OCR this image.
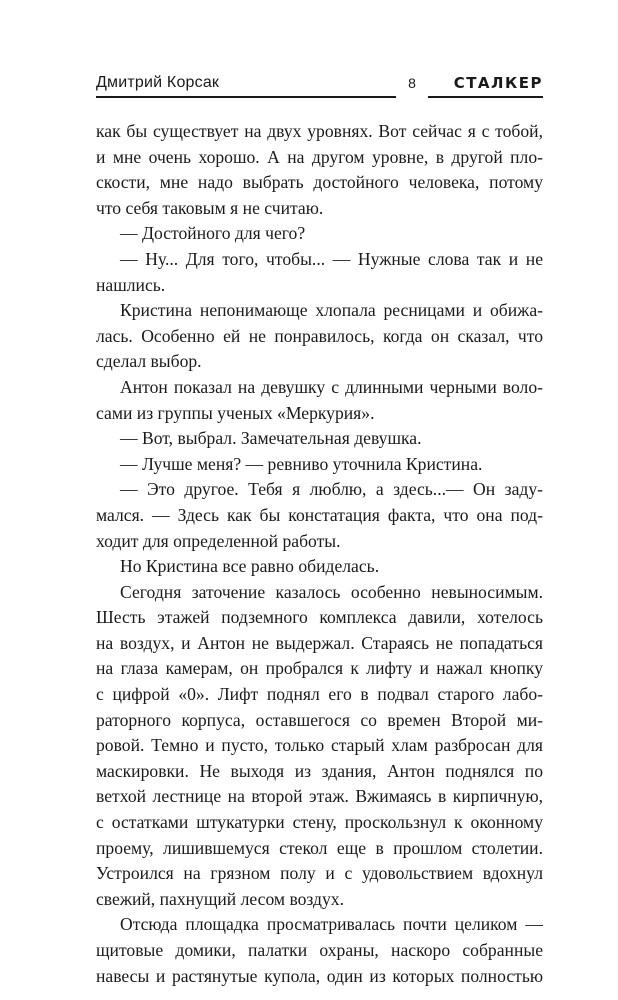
Дмитрий Корсак	8	СТАЛКЕР
как бы существует на двух уровнях. Вот сейчас я с тобой,
и мне очень хорошо. А на другом уровне, в другой пло-
скости, мне надо выбрать достойного человека, потому
что себя таковым я не считаю.
— Достойного для чего?
— Ну... Для того, чтобы... — Нужные слова так и не
нашлись.
Кристина непонимающе хлопала ресницами и обижа-
лась. Особенно ей не понравилось, когда он сказал, что
сделал выбор.
Антон показал на девушку с длинными черными воло-
сами из группы ученых «Меркурия».
— Вот, выбрал. Замечательная девушка.
— Лучше меня? — ревниво уточнила Кристина.
— Это другое. Тебя я люблю, а здесь...— Он заду-
мался. — Здесь как бы констатация факта, что она под-
ходит для определенной работы.
Но Кристина все равно обиделась.
Сегодня заточение казалось особенно невыносимым.
Шесть этажей подземного комплекса давили, хотелось
на воздух, и Антон не выдержал. Стараясь не попадаться
на глаза камерам, он пробрался к лифту и нажал кнопку
с цифрой «0». Лифт поднял его в подвал старого лабо-
раторного корпуса, оставшегося со времен Второй ми-
ровой. Темно и пусто, только старый хлам разбросан для
маскировки. Не выходя из здания, Антон поднялся по
ветхой лестнице на второй этаж. Вжимаясь в кирпичную,
с остатками штукатурки стену, проскользнул к оконному
проему, лишившемуся стекол еще в прошлом столетии.
Устроился на грязном полу и с удовольствием вдохнул
свежий, пахнущий лесом воздух.
Отсюда площадка просматривалась почти целиком —
щитовые домики, палатки охраны, наскоро собранные
навесы и растянутые купола, один из которых полностью
